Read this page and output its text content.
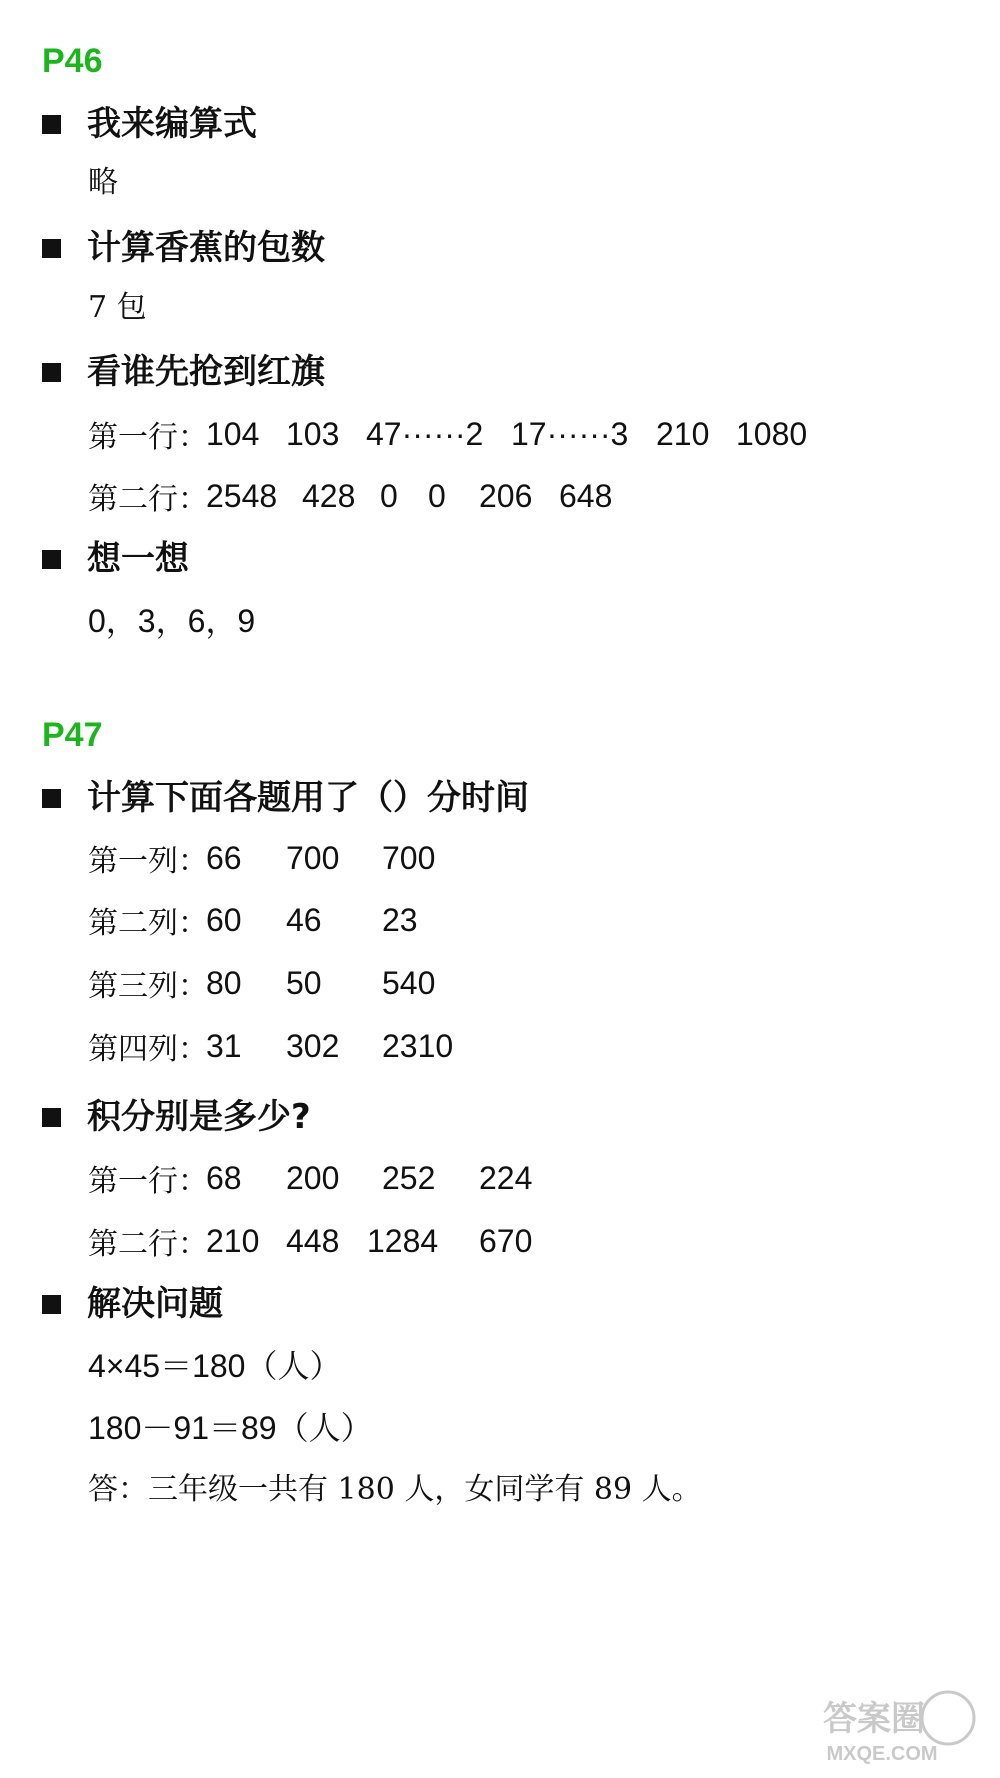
P46
我来编算式
略
计算香蕉的包数
7 包
看谁先抢到红旗
第一行：
104 103 47······2 17······3 210 1080
第二行：
2548 428 0 0 206 648
想一想
0，3，6，9
P47
计算下面各题用了（）分时间
第一列：
66 700 700
第二列：
60 46 23
第三列：
80 50 540
第四列：
31 302 2310
积分别是多少?
第一行：
68 200 252 224
第二行：
210 448 1284 670
解决问题
4×45＝180（人）
180－91＝89（人）
答：三年级一共有 180 人，女同学有 89 人。
答案圈
MXQE.COM
